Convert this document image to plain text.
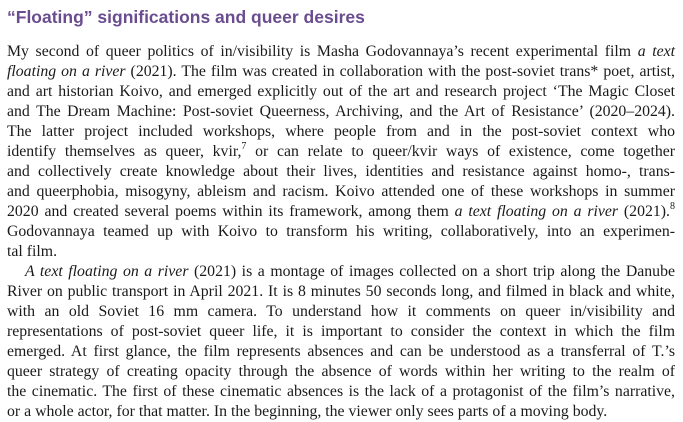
“Floating” significations and queer desires
My second of queer politics of in/visibility is Masha Godovannaya’s recent experimental film a text
floating on a river (2021). The film was created in collaboration with the post-soviet trans* poet, artist,
and art historian Koivo, and emerged explicitly out of the art and research project ‘The Magic Closet
and The Dream Machine: Post-soviet Queerness, Archiving, and the Art of Resistance’ (2020–2024).
The latter project included workshops, where people from and in the post-soviet context who
identify themselves as queer, kvir,$^7$ or can relate to queer/kvir ways of existence, come together
and collectively create knowledge about their lives, identities and resistance against homo-, trans-
and queerphobia, misogyny, ableism and racism. Koivo attended one of these workshops in summer
2020 and created several poems within its framework, among them a text floating on a river (2021).$^8$
Godovannaya teamed up with Koivo to transform his writing, collaboratively, into an experimen-
tal film.
A text floating on a river (2021) is a montage of images collected on a short trip along the Danube
River on public transport in April 2021. It is 8 minutes 50 seconds long, and filmed in black and white,
with an old Soviet 16 mm camera. To understand how it comments on queer in/visibility and
representations of post-soviet queer life, it is important to consider the context in which the film
emerged. At first glance, the film represents absences and can be understood as a transferral of T.’s
queer strategy of creating opacity through the absence of words within her writing to the realm of
the cinematic. The first of these cinematic absences is the lack of a protagonist of the film’s narrative,
or a whole actor, for that matter. In the beginning, the viewer only sees parts of a moving body.
